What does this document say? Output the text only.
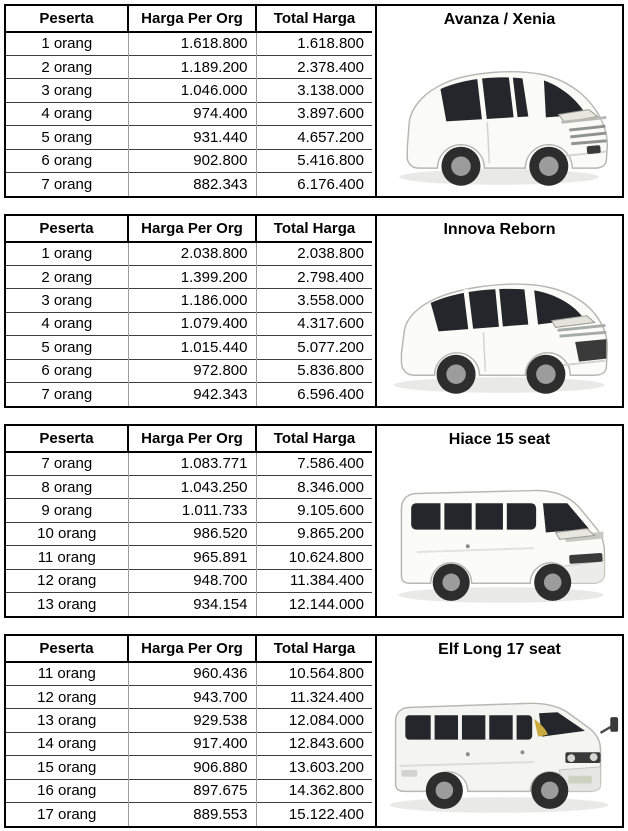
Peserta	Harga Per Org	Total Harga
1 orang	1.618.800	1.618.800
2 orang	1.189.200	2.378.400
3 orang	1.046.000	3.138.000
4 orang	974.400	3.897.600
5 orang	931.440	4.657.200
6 orang	902.800	5.416.800
7 orang	882.343	6.176.400
Avanza / Xenia
Peserta	Harga Per Org	Total Harga
1 orang	2.038.800	2.038.800
2 orang	1.399.200	2.798.400
3 orang	1.186.000	3.558.000
4 orang	1.079.400	4.317.600
5 orang	1.015.440	5.077.200
6 orang	972.800	5.836.800
7 orang	942.343	6.596.400
Innova Reborn
Peserta	Harga Per Org	Total Harga
7 orang	1.083.771	7.586.400
8 orang	1.043.250	8.346.000
9 orang	1.011.733	9.105.600
10 orang	986.520	9.865.200
11 orang	965.891	10.624.800
12 orang	948.700	11.384.400
13 orang	934.154	12.144.000
Hiace 15 seat
Peserta	Harga Per Org	Total Harga
11 orang	960.436	10.564.800
12 orang	943.700	11.324.400
13 orang	929.538	12.084.000
14 orang	917.400	12.843.600
15 orang	906.880	13.603.200
16 orang	897.675	14.362.800
17 orang	889.553	15.122.400
Elf Long 17 seat
